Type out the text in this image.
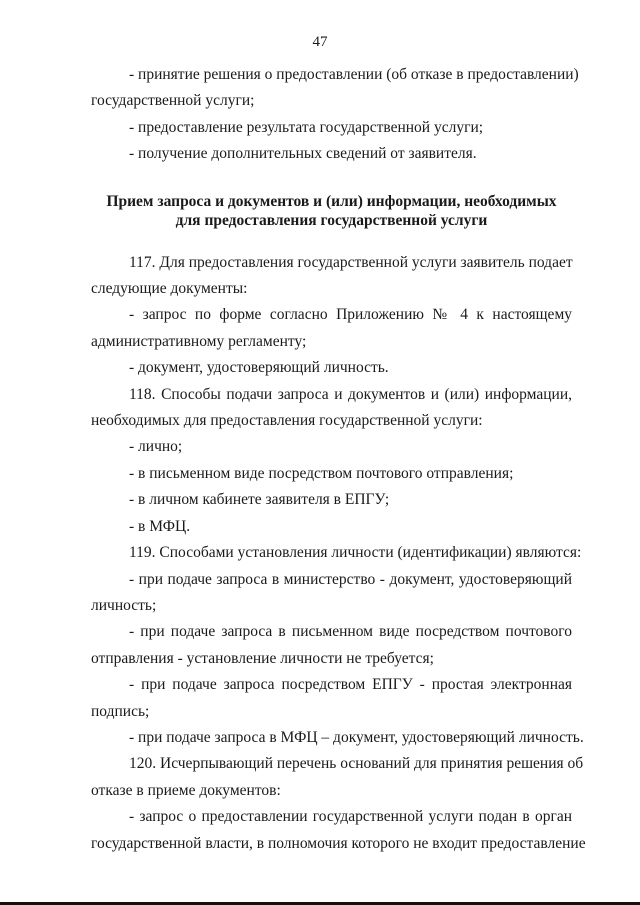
47
- принятие решения о предоставлении (об отказе в предоставлении)
государственной услуги;
- предоставление результата государственной услуги;
- получение дополнительных сведений от заявителя.
Прием запроса и документов и (или) информации, необходимых
для предоставления государственной услуги
117. Для предоставления государственной услуги заявитель подает
следующие документы:
- запрос по форме согласно Приложению № 4 к настоящему
административному регламенту;
- документ, удостоверяющий личность.
118. Способы подачи запроса и документов и (или) информации,
необходимых для предоставления государственной услуги:
- лично;
- в письменном виде посредством почтового отправления;
- в личном кабинете заявителя в ЕПГУ;
- в МФЦ.
119. Способами установления личности (идентификации) являются:
- при подаче запроса в министерство - документ, удостоверяющий
личность;
- при подаче запроса в письменном виде посредством почтового
отправления - установление личности не требуется;
- при подаче запроса посредством ЕПГУ - простая электронная
подпись;
- при подаче запроса в МФЦ – документ, удостоверяющий личность.
120. Исчерпывающий перечень оснований для принятия решения об
отказе в приеме документов:
- запрос о предоставлении государственной услуги подан в орган
государственной власти, в полномочия которого не входит предоставление
